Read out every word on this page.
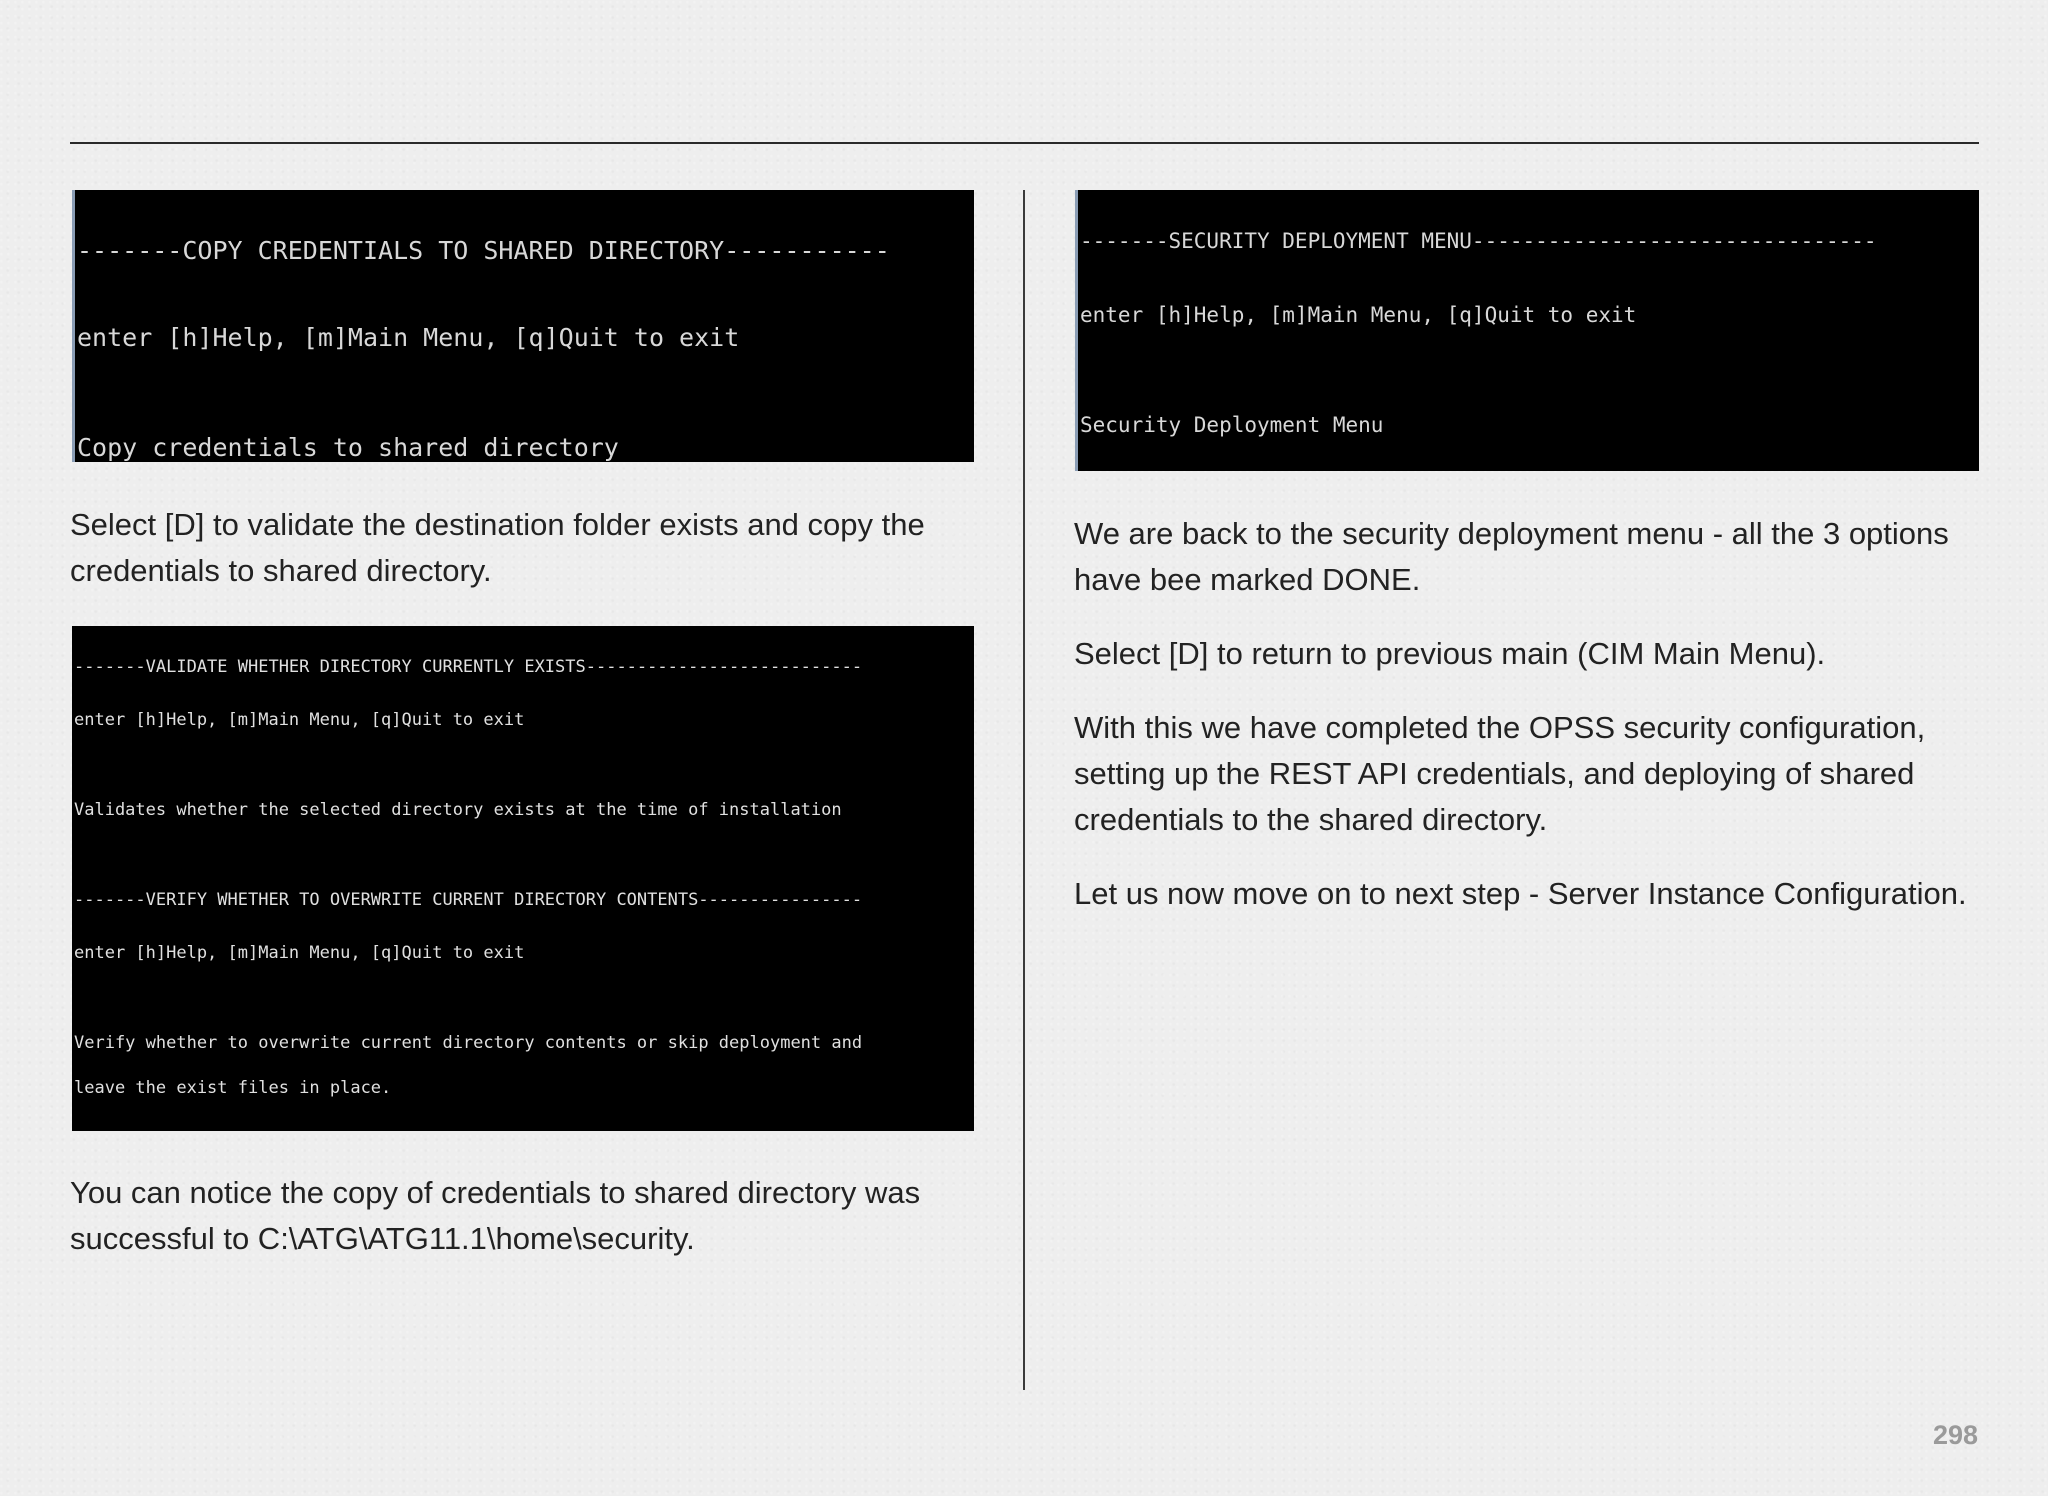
-------COPY CREDENTIALS TO SHARED DIRECTORY-----------

enter [h]Help, [m]Main Menu, [q]Quit to exit

Copy credentials to shared directory

Select [D] to validate the destination folder exists and copy the credentials to shared directory.

-------VALIDATE WHETHER DIRECTORY CURRENTLY EXISTS---------------------------

enter [h]Help, [m]Main Menu, [q]Quit to exit

Validates whether the selected directory exists at the time of installation

-------VERIFY WHETHER TO OVERWRITE CURRENT DIRECTORY CONTENTS----------------

enter [h]Help, [m]Main Menu, [q]Quit to exit

Verify whether to overwrite current directory contents or skip deployment and

leave the exist files in place.

You can notice the copy of credentials to shared directory was successful to C:\ATG\ATG11.1\home\security.

-------SECURITY DEPLOYMENT MENU--------------------------------

enter [h]Help, [m]Main Menu, [q]Quit to exit

Security Deployment Menu

We are back to the security deployment menu - all the 3 options have bee marked DONE.

Select [D] to return to previous main (CIM Main Menu).

With this we have completed the OPSS security configuration, setting up the REST API credentials, and deploying of shared credentials to the shared directory.

Let us now move on to next step - Server Instance Configuration.

298
